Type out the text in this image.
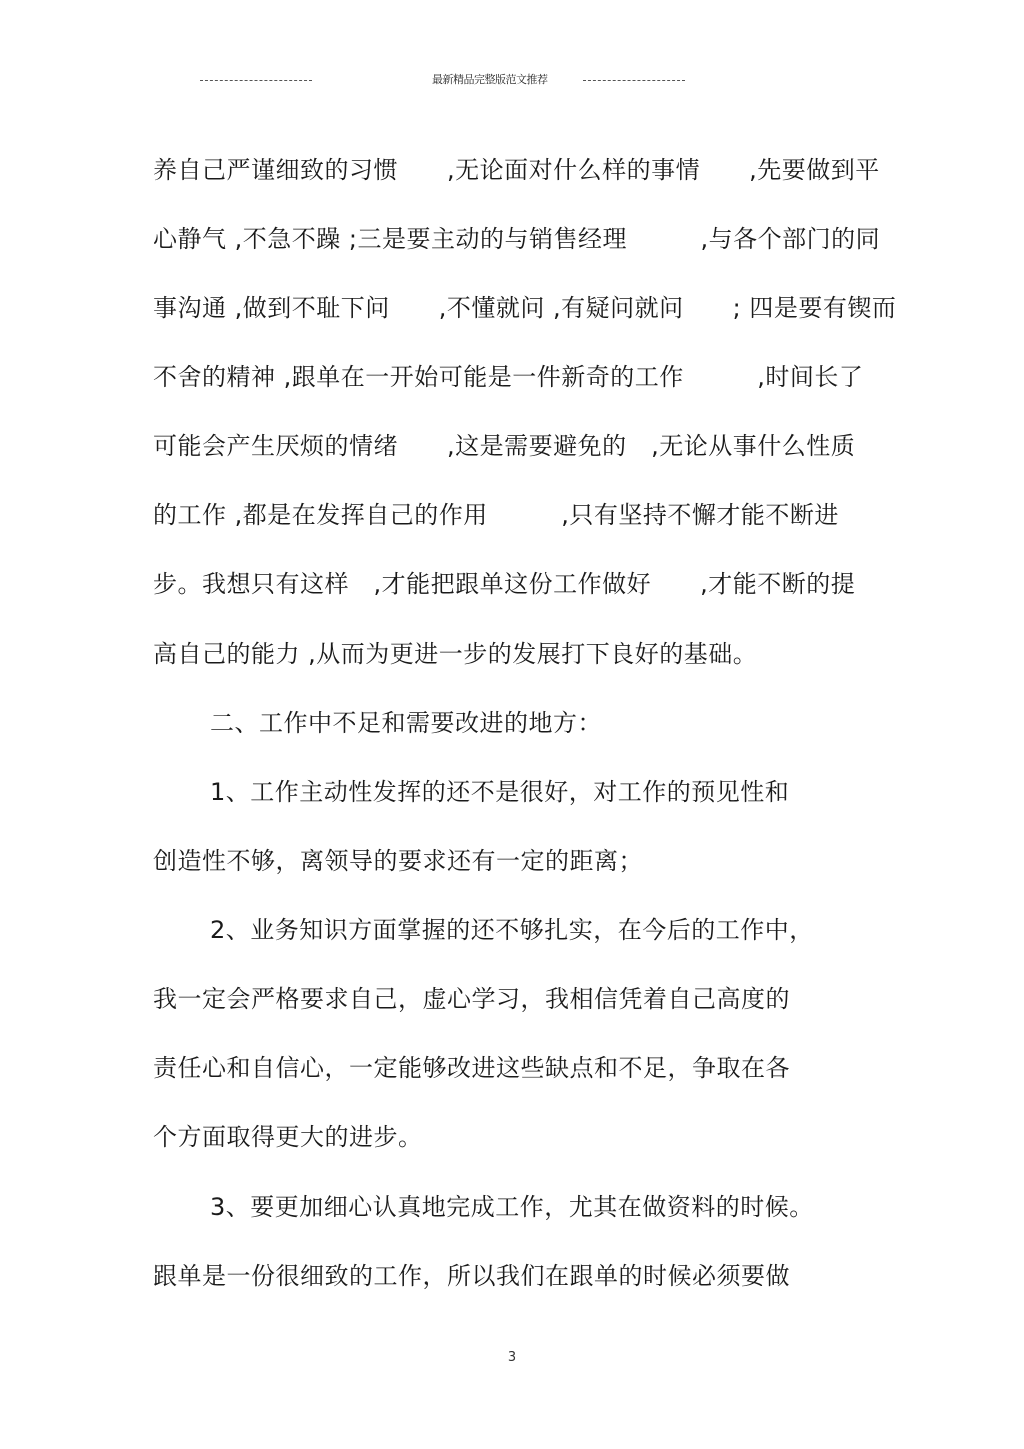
最新精品完整版范文推荐
养自己严谨细致的习惯　　,无论面对什么样的事情　　,先要做到平
心静气 ,不急不躁 ;三是要主动的与销售经理　　　,与各个部门的同
事沟通 ,做到不耻下问　　,不懂就问 ,有疑问就问　　; 四是要有锲而
不舍的精神 ,跟单在一开始可能是一件新奇的工作　　　,时间长了
可能会产生厌烦的情绪　　,这是需要避免的　,无论从事什么性质
的工作 ,都是在发挥自己的作用　　　,只有坚持不懈才能不断进
步。我想只有这样　,才能把跟单这份工作做好　　,才能不断的提
高自己的能力 ,从而为更进一步的发展打下良好的基础。
二、工作中不足和需要改进的地方：
1、工作主动性发挥的还不是很好，对工作的预见性和
创造性不够，离领导的要求还有一定的距离；
2、业务知识方面掌握的还不够扎实，在今后的工作中，
我一定会严格要求自己，虚心学习，我相信凭着自己高度的
责任心和自信心，一定能够改进这些缺点和不足，争取在各
个方面取得更大的进步。
3、要更加细心认真地完成工作，尤其在做资料的时候。
跟单是一份很细致的工作，所以我们在跟单的时候必须要做
3
